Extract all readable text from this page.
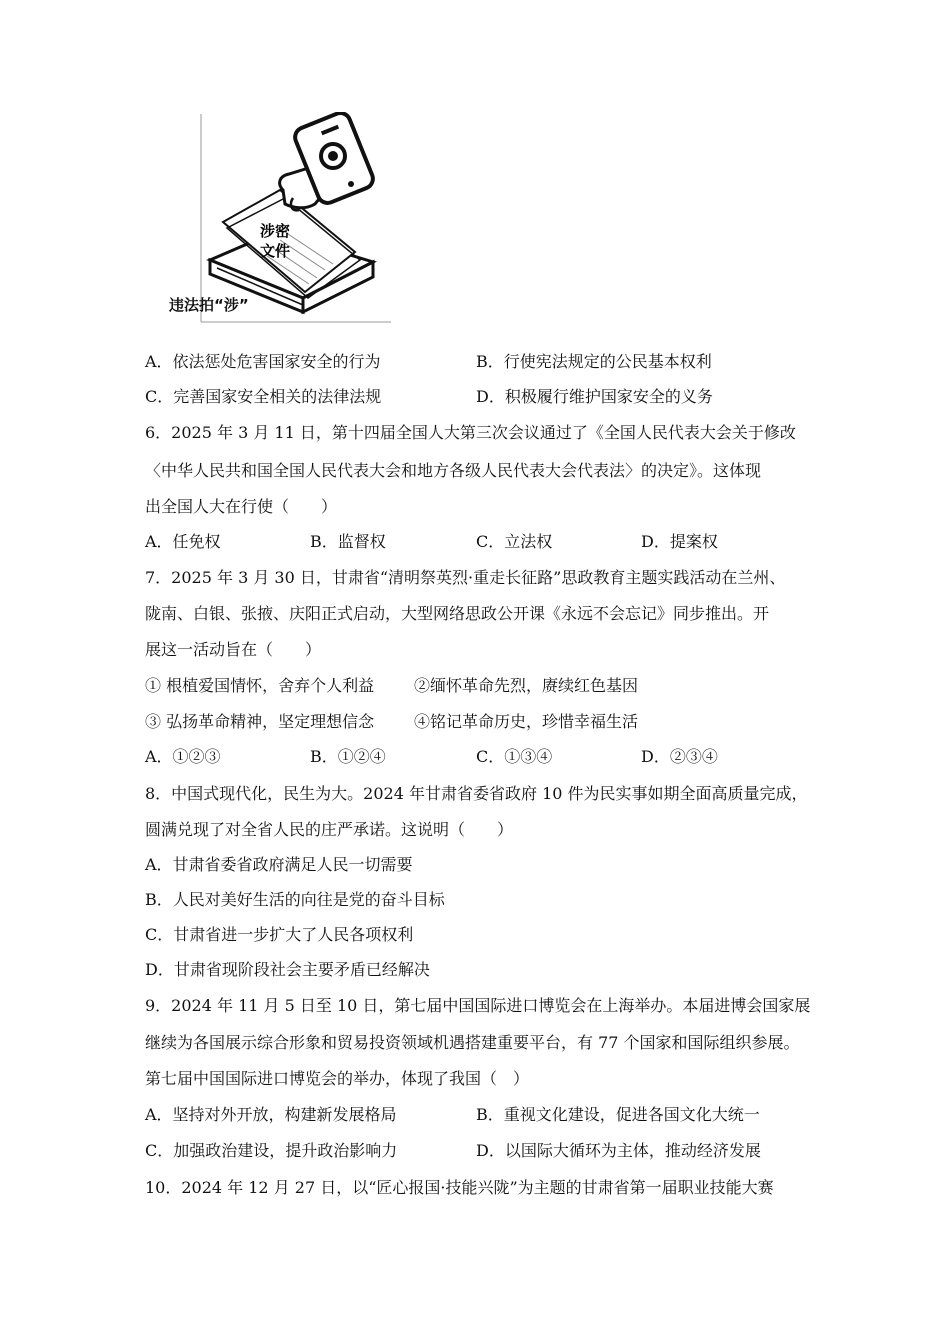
涉密
文件
违法拍“涉”
A．依法惩处危害国家安全的行为	B．行使宪法规定的公民基本权利
C．完善国家安全相关的法律法规	D．积极履行维护国家安全的义务
6．2025 年 3 月 11 日，第十四届全国人大第三次会议通过了《全国人民代表大会关于修改
〈中华人民共和国全国人民代表大会和地方各级人民代表大会代表法〉的决定》。这体现
出全国人大在行使（　　）
A．任免权	B．监督权	C．立法权	D．提案权
7．2025 年 3 月 30 日，甘肃省“清明祭英烈·重走长征路”思政教育主题实践活动在兰州、
陇南、白银、张掖、庆阳正式启动，大型网络思政公开课《永远不会忘记》同步推出。开
展这一活动旨在（　　）
① 根植爱国情怀，舍弃个人利益 ②缅怀革命先烈，赓续红色基因
③ 弘扬革命精神，坚定理想信念 ④铭记革命历史，珍惜幸福生活
A．①②③	B．①②④	C．①③④	D．②③④
8．中国式现代化，民生为大。2024 年甘肃省委省政府 10 件为民实事如期全面高质量完成，
圆满兑现了对全省人民的庄严承诺。这说明（　　）
A．甘肃省委省政府满足人民一切需要
B．人民对美好生活的向往是党的奋斗目标
C．甘肃省进一步扩大了人民各项权利
D．甘肃省现阶段社会主要矛盾已经解决
9．2024 年 11 月 5 日至 10 日，第七届中国国际进口博览会在上海举办。本届进博会国家展
继续为各国展示综合形象和贸易投资领域机遇搭建重要平台，有 77 个国家和国际组织参展。
第七届中国国际进口博览会的举办，体现了我国（　）
A．坚持对外开放，构建新发展格局	B．重视文化建设，促进各国文化大统一
C．加强政治建设，提升政治影响力	D．以国际大循环为主体，推动经济发展
10．2024 年 12 月 27 日，以“匠心报国·技能兴陇”为主题的甘肃省第一届职业技能大赛
